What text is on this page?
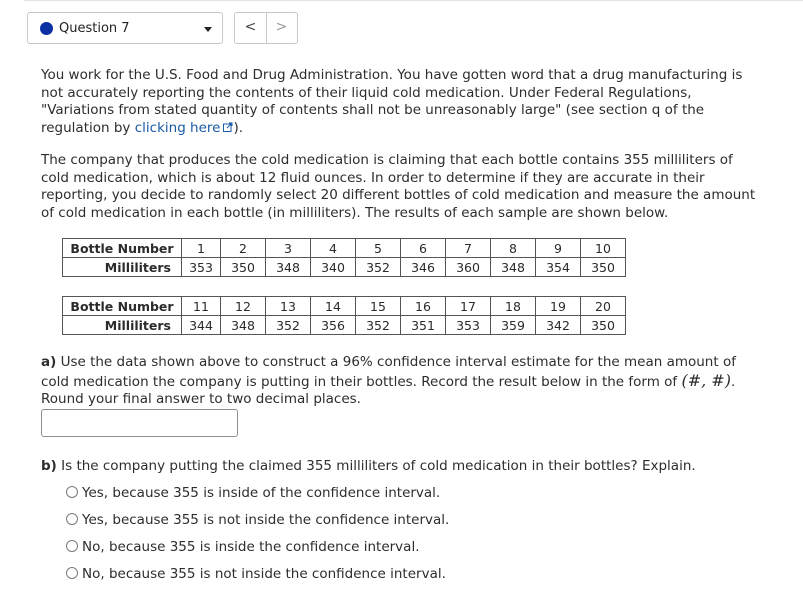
Question 7	<	>
You work for the U.S. Food and Drug Administration. You have gotten word that a drug manufacturing is not accurately reporting the contents of their liquid cold medication. Under Federal Regulations, "Variations from stated quantity of contents shall not be unreasonably large" (see section q of the regulation by clicking here ).
The company that produces the cold medication is claiming that each bottle contains 355 milliliters of cold medication, which is about 12 fluid ounces. In order to determine if they are accurate in their reporting, you decide to randomly select 20 different bottles of cold medication and measure the amount of cold medication in each bottle (in milliliters). The results of each sample are shown below.
Bottle Number	1	2	3	4	5	6	7	8	9	10
Milliliters	353	350	348	340	352	346	360	348	354	350
Bottle Number	11	12	13	14	15	16	17	18	19	20
Milliliters	344	348	352	356	352	351	353	359	342	350
a) Use the data shown above to construct a 96% confidence interval estimate for the mean amount of cold medication the company is putting in their bottles. Record the result below in the form of (#, #). Round your final answer to two decimal places.
b) Is the company putting the claimed 355 milliliters of cold medication in their bottles? Explain.
Yes, because 355 is inside of the confidence interval.
Yes, because 355 is not inside the confidence interval.
No, because 355 is inside the confidence interval.
No, because 355 is not inside the confidence interval.
